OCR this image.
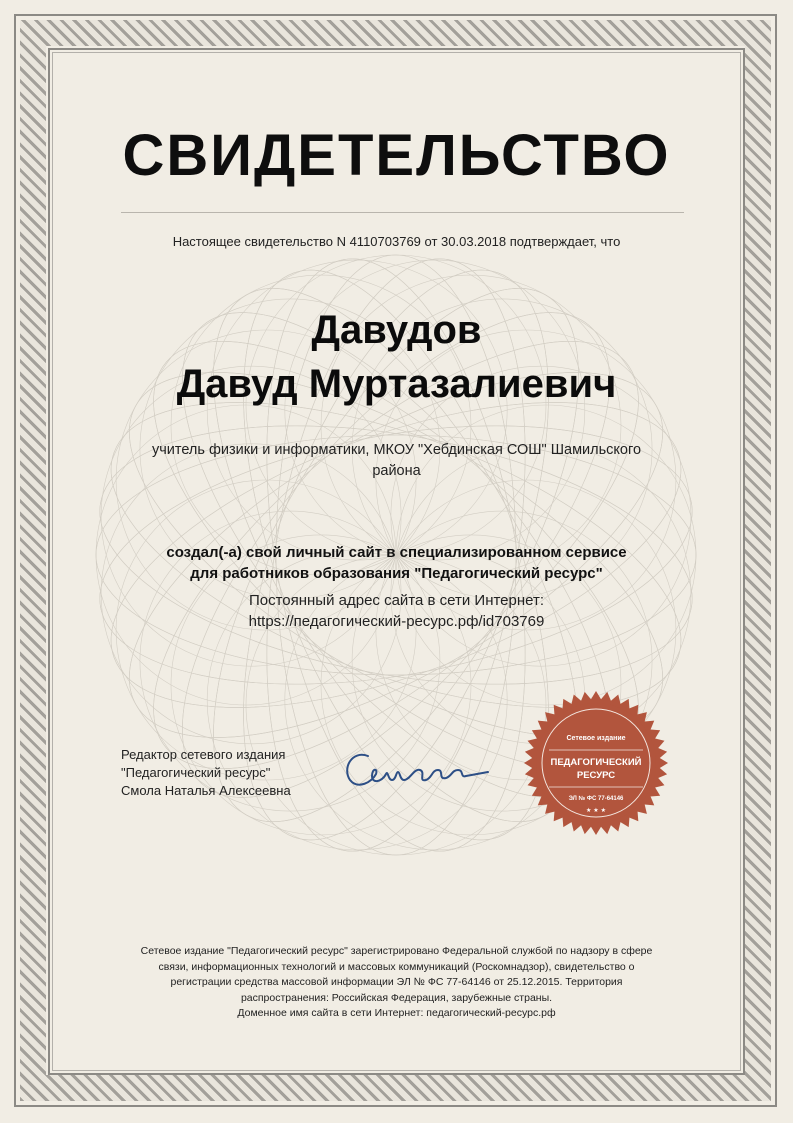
СВИДЕТЕЛЬСТВО
Настоящее свидетельство N 4110703769 от 30.03.2018 подтверждает, что
Давудов
Давуд Муртазалиевич
учитель физики и информатики, МКОУ "Хебдинская СОШ" Шамильского
района
создал(-а) свой личный сайт в специализированном сервисе
для работников образования "Педагогический ресурс"
Постоянный адрес сайта в сети Интернет:
https://педагогический-ресурс.рф/id703769
Редактор сетевого издания
"Педагогический ресурс"
Смола Наталья Алексеевна
Сетевое издание
ПЕДАГОГИЧЕСКИЙ
РЕСУРС
ЭЛ № ФС 77-64146
★ ★ ★
Сетевое издание "Педагогический ресурс" зарегистрировано Федеральной службой по надзору в сфере
связи, информационных технологий и массовых коммуникаций (Роскомнадзор), свидетельство о
регистрации средства массовой информации ЭЛ № ФС 77-64146 от 25.12.2015. Территория
распространения: Российская Федерация, зарубежные страны.
Доменное имя сайта в сети Интернет: педагогический-ресурс.рф
